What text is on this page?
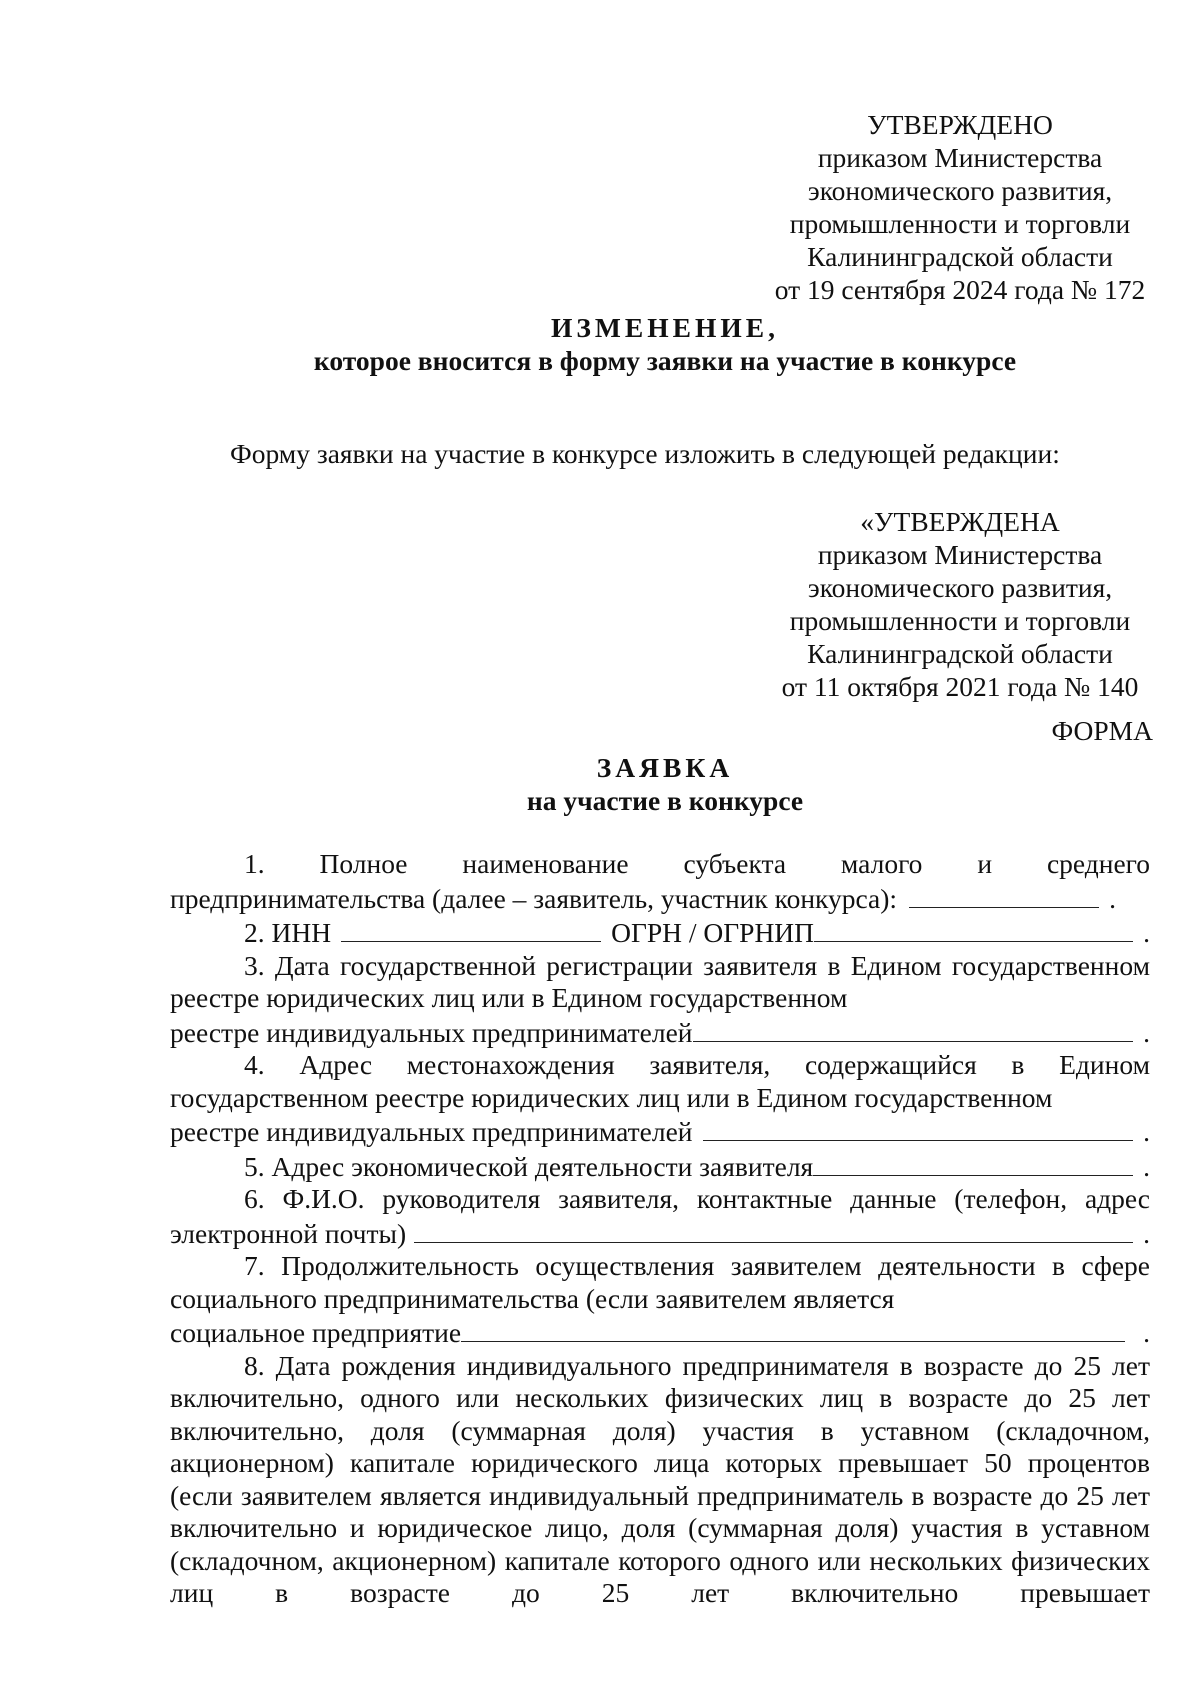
УТВЕРЖДЕНО
приказом Министерства
экономического развития,
промышленности и торговли
Калининградской области
от 19 сентября 2024 года № 172
ИЗМЕНЕНИЕ,
которое вносится в форму заявки на участие в конкурсе
Форму заявки на участие в конкурсе изложить в следующей редакции:
«УТВЕРЖДЕНА
приказом Министерства
экономического развития,
промышленности и торговли
Калининградской области
от 11 октября 2021 года № 140
ФОРМА
ЗАЯВКА
на участие в конкурсе
1. Полное наименование субъекта малого и среднего
предпринимательства (далее – заявитель, участник конкурса):	.
2. ИНН	ОГРН / ОГРНИП	.
3. Дата государственной регистрации заявителя в Едином государственном реестре юридических лиц или в Едином государственном
реестре индивидуальных предпринимателей	.
4. Адрес местонахождения заявителя, содержащийся в Едином государственном реестре юридических лиц или в Едином государственном
реестре индивидуальных предпринимателей	.
5. Адрес экономической деятельности заявителя	.
6. Ф.И.О. руководителя заявителя, контактные данные (телефон, адрес
электронной почты)	.
7. Продолжительность осуществления заявителем деятельности в сфере социального предпринимательства (если заявителем является
социальное предприятие	.
8. Дата рождения индивидуального предпринимателя в возрасте до 25 лет включительно, одного или нескольких физических лиц в возрасте до 25 лет включительно, доля (суммарная доля) участия в уставном (складочном, акционерном) капитале юридического лица которых превышает 50 процентов (если заявителем является индивидуальный предприниматель в возрасте до 25 лет включительно и юридическое лицо, доля (суммарная доля) участия в уставном (складочном, акционерном) капитале которого одного или нескольких физических лиц в возрасте до 25 лет включительно превышает
